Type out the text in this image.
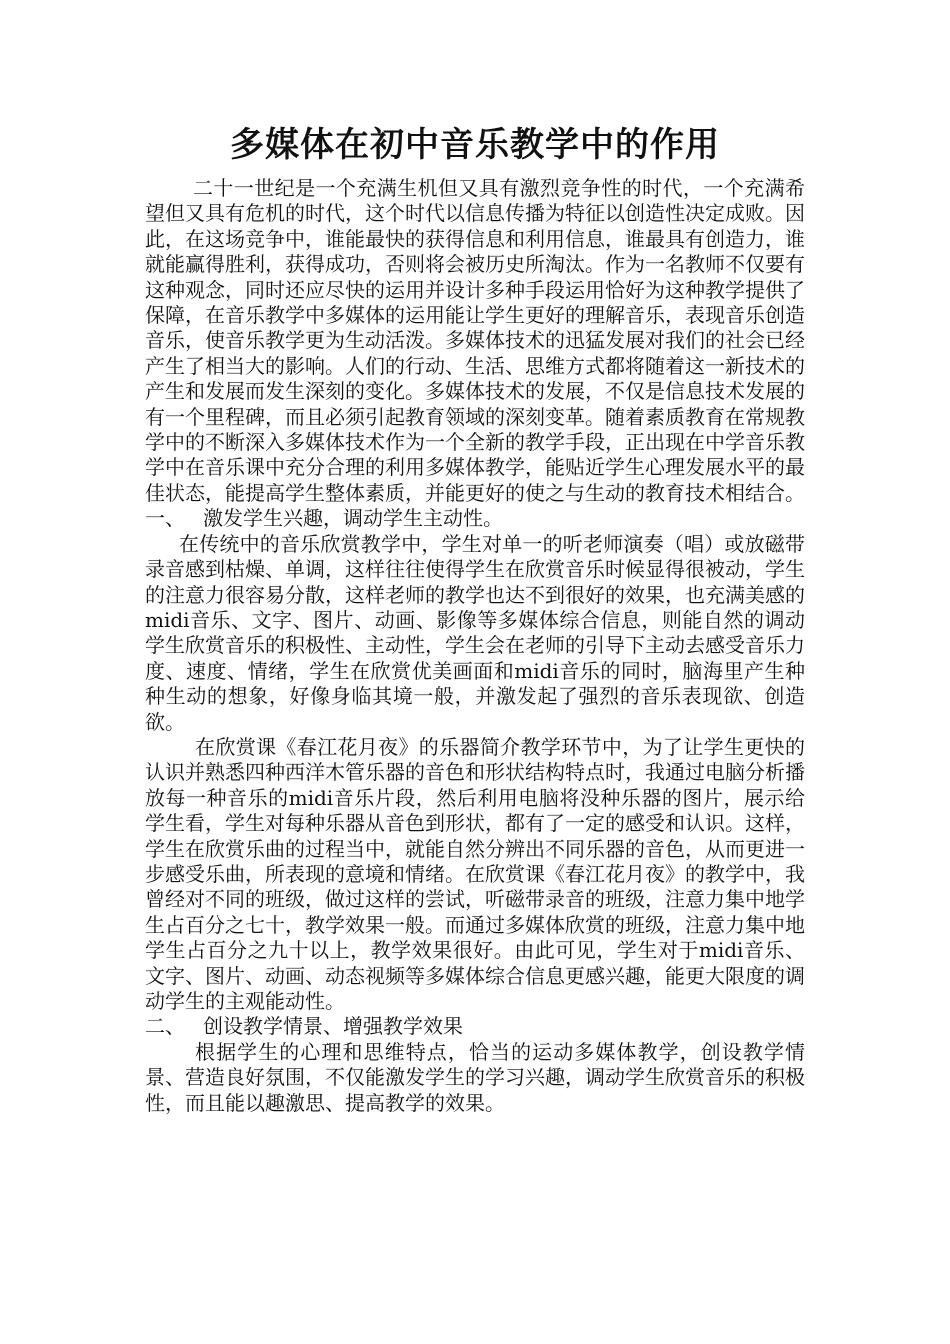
多媒体在初中音乐教学中的作用

二十一世纪是一个充满生机但又具有激烈竞争性的时代，一个充满希望但又具有危机的时代，这个时代以信息传播为特征以创造性决定成败。因此，在这场竞争中，谁能最快的获得信息和利用信息，谁最具有创造力，谁就能赢得胜利，获得成功，否则将会被历史所淘汰。作为一名教师不仅要有这种观念，同时还应尽快的运用并设计多种手段运用恰好为这种教学提供了保障，在音乐教学中多媒体的运用能让学生更好的理解音乐，表现音乐创造音乐，使音乐教学更为生动活泼。多媒体技术的迅猛发展对我们的社会已经产生了相当大的影响。人们的行动、生活、思维方式都将随着这一新技术的产生和发展而发生深刻的变化。多媒体技术的发展，不仅是信息技术发展的有一个里程碑，而且必须引起教育领域的深刻变革。随着素质教育在常规教学中的不断深入多媒体技术作为一个全新的教学手段，正出现在中学音乐教学中在音乐课中充分合理的利用多媒体教学，能贴近学生心理发展水平的最佳状态，能提高学生整体素质，并能更好的使之与生动的教育技术相结合。

一、 激发学生兴趣，调动学生主动性。

在传统中的音乐欣赏教学中，学生对单一的听老师演奏（唱）或放磁带录音感到枯燥、单调，这样往往使得学生在欣赏音乐时候显得很被动，学生的注意力很容易分散，这样老师的教学也达不到很好的效果，也充满美感的midi音乐、文字、图片、动画、影像等多媒体综合信息，则能自然的调动学生欣赏音乐的积极性、主动性，学生会在老师的引导下主动去感受音乐力度、速度、情绪，学生在欣赏优美画面和midi音乐的同时，脑海里产生种种生动的想象，好像身临其境一般，并激发起了强烈的音乐表现欲、创造欲。

在欣赏课《春江花月夜》的乐器简介教学环节中，为了让学生更快的认识并熟悉四种西洋木管乐器的音色和形状结构特点时，我通过电脑分析播放每一种音乐的midi音乐片段，然后利用电脑将没种乐器的图片，展示给学生看，学生对每种乐器从音色到形状，都有了一定的感受和认识。这样，学生在欣赏乐曲的过程当中，就能自然分辨出不同乐器的音色，从而更进一步感受乐曲，所表现的意境和情绪。在欣赏课《春江花月夜》的教学中，我曾经对不同的班级，做过这样的尝试，听磁带录音的班级，注意力集中地学生占百分之七十，教学效果一般。而通过多媒体欣赏的班级，注意力集中地学生占百分之九十以上，教学效果很好。由此可见，学生对于midi音乐、文字、图片、动画、动态视频等多媒体综合信息更感兴趣，能更大限度的调动学生的主观能动性。

二、 创设教学情景、增强教学效果

根据学生的心理和思维特点，恰当的运动多媒体教学，创设教学情景、营造良好氛围，不仅能激发学生的学习兴趣，调动学生欣赏音乐的积极性，而且能以趣激思、提高教学的效果。
